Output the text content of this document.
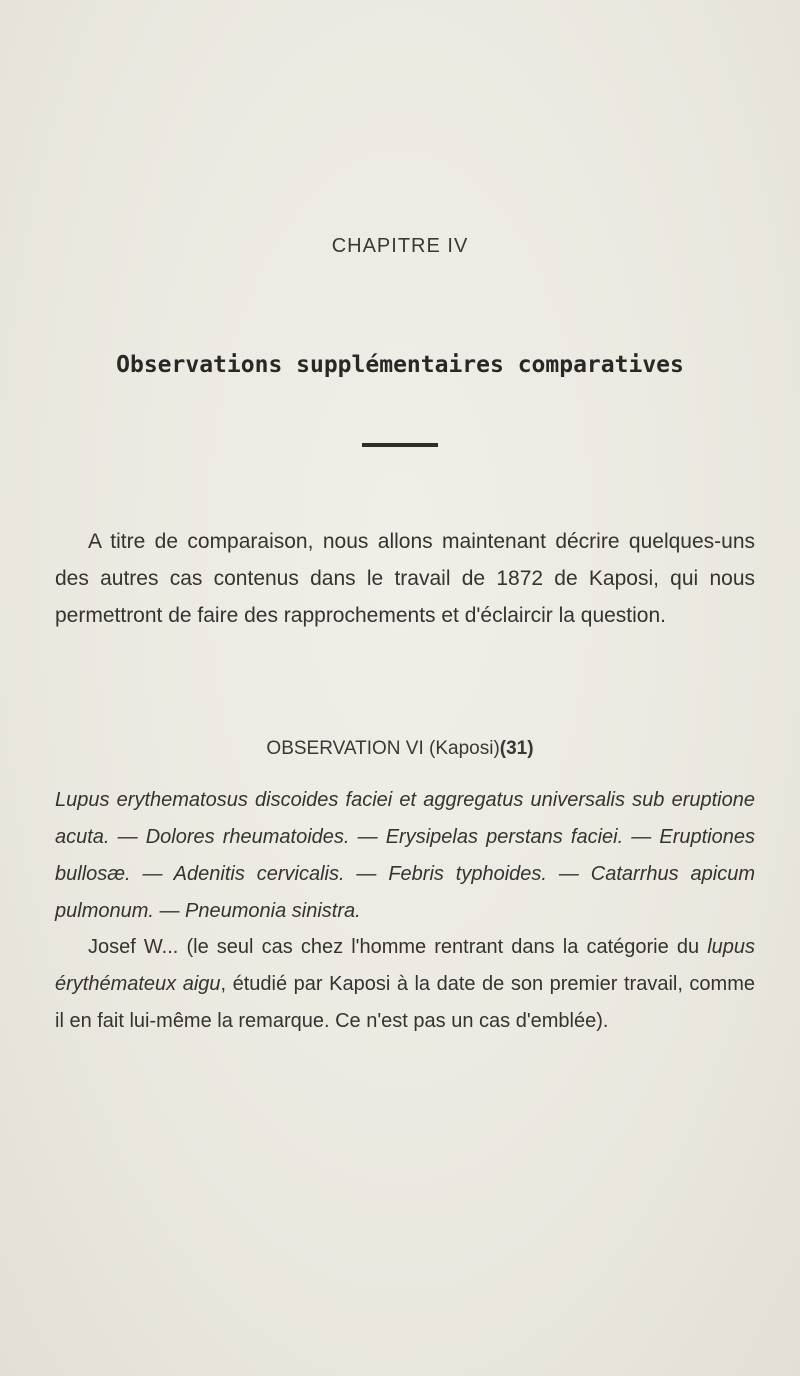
CHAPITRE IV
Observations supplémentaires comparatives

A titre de comparaison, nous allons maintenant décrire quelques-uns des autres cas contenus dans le travail de 1872 de Kaposi, qui nous permettront de faire des rapprochements et d'éclaircir la question.

OBSERVATION VI (Kaposi)(31)

Lupus erythematosus discoides faciei et aggregatus universalis sub eruptione acuta. — Dolores rheumatoides. — Erysipelas perstans faciei. — Eruptiones bullosæ. — Adenitis cervicalis. — Febris typhoides. — Catarrhus apicum pulmonum. — Pneumonia sinistra.

Josef W... (le seul cas chez l'homme rentrant dans la catégorie du lupus érythémateux aigu, étudié par Kaposi à la date de son premier travail, comme il en fait lui-même la remarque. Ce n'est pas un cas d'emblée).
